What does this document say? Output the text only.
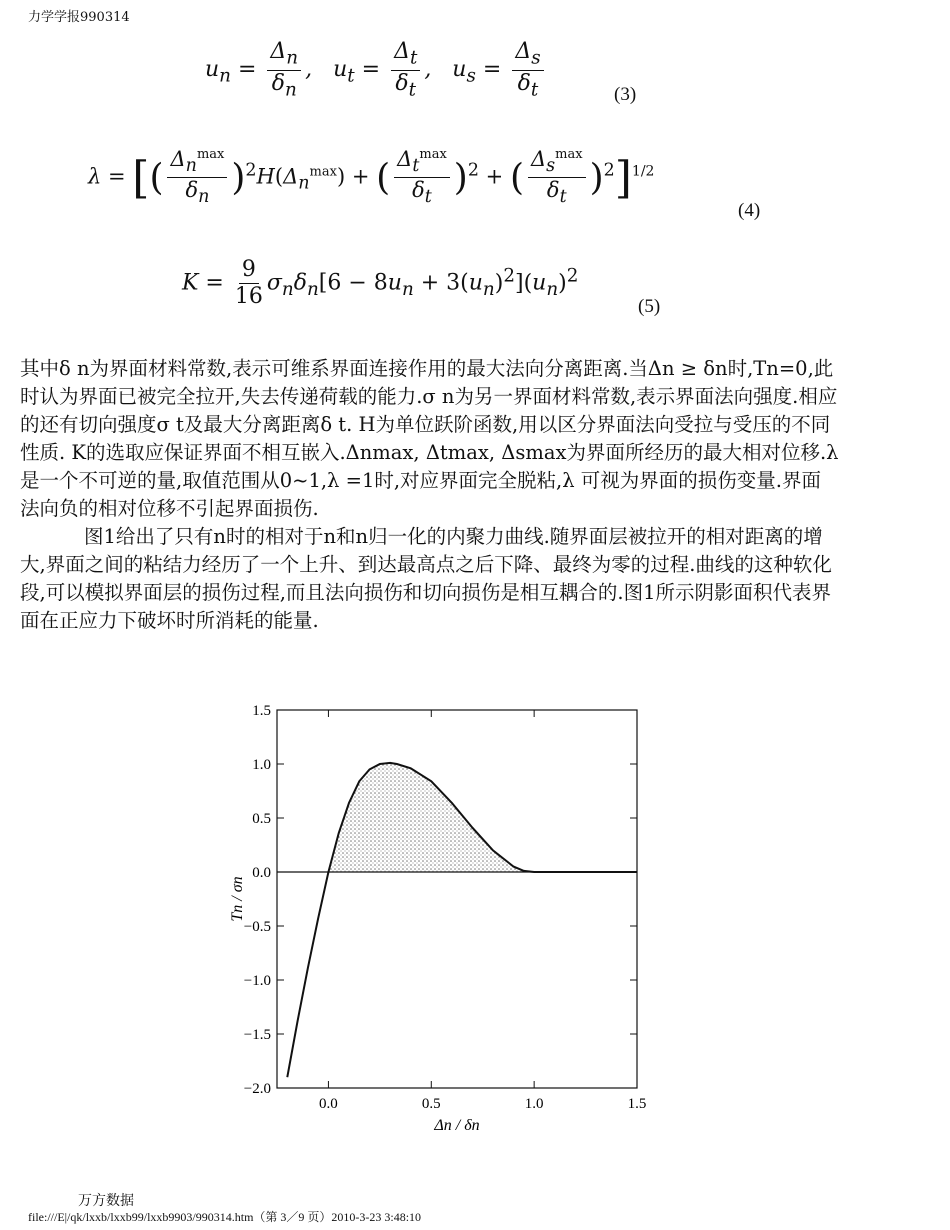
力学学报990314
$u_n = \frac{\Delta_n}{\delta_n}$ ,   $u_t = \frac{\Delta_t}{\delta_t}$ ,   $u_s = \frac{\Delta_s}{\delta_t}$	(3)
λ = [( $\frac{\Delta_n^{max}}{\delta_n} )^2H(\Delta_n^{max})$ + ( $\frac{\Delta_t^{max}}{\delta_t} )^2$ + ( $\frac{\Delta_s^{max}}{\delta_t} )^2]^{1/2}$
(4)
$K = \frac{9}{16} \sigma_n\delta_n[6 - 8u_n + 3(u_n)^2](u_n)^2$
(5)

其中δ n为界面材料常数,表示可维系界面连接作用的最大法向分离距离.当Δn ≥ δn时,Tn=0,此时认为界面已被完全拉开,失去传递荷载的能力.σ n为另一界面材料常数,表示界面法向强度.相应的还有切向强度σ t及最大分离距离δ t. H为单位跃阶函数,用以区分界面法向受拉与受压的不同性质. K的选取应保证界面不相互嵌入.Δnmax, Δtmax, Δsmax为界面所经历的最大相对位移.λ 是一个不可逆的量,取值范围从0~1,λ =1时,对应界面完全脱粘,λ 可视为界面的损伤变量.界面法向负的相对位移不引起界面损伤.

图1给出了只有n时的相对于n和n归一化的内聚力曲线.随界面层被拉开的相对距离的增大,界面之间的粘结力经历了一个上升、到达最高点之后下降、最终为零的过程.曲线的这种软化段,可以模拟界面层的损伤过程,而且法向损伤和切向损伤是相互耦合的.图1所示阴影面积代表界面在正应力下破坏时所消耗的能量.

1.5
1.0
0.5
0.0
−0.5
−1.0
−1.5
−2.0
0.0	0.5	1.0	1.5
Δn / δn
Tn / σn
万方数据
file:///E|/qk/lxxb/lxxb99/lxxb9903/990314.htm（第 3／9 页）2010-3-23 3:48:10
